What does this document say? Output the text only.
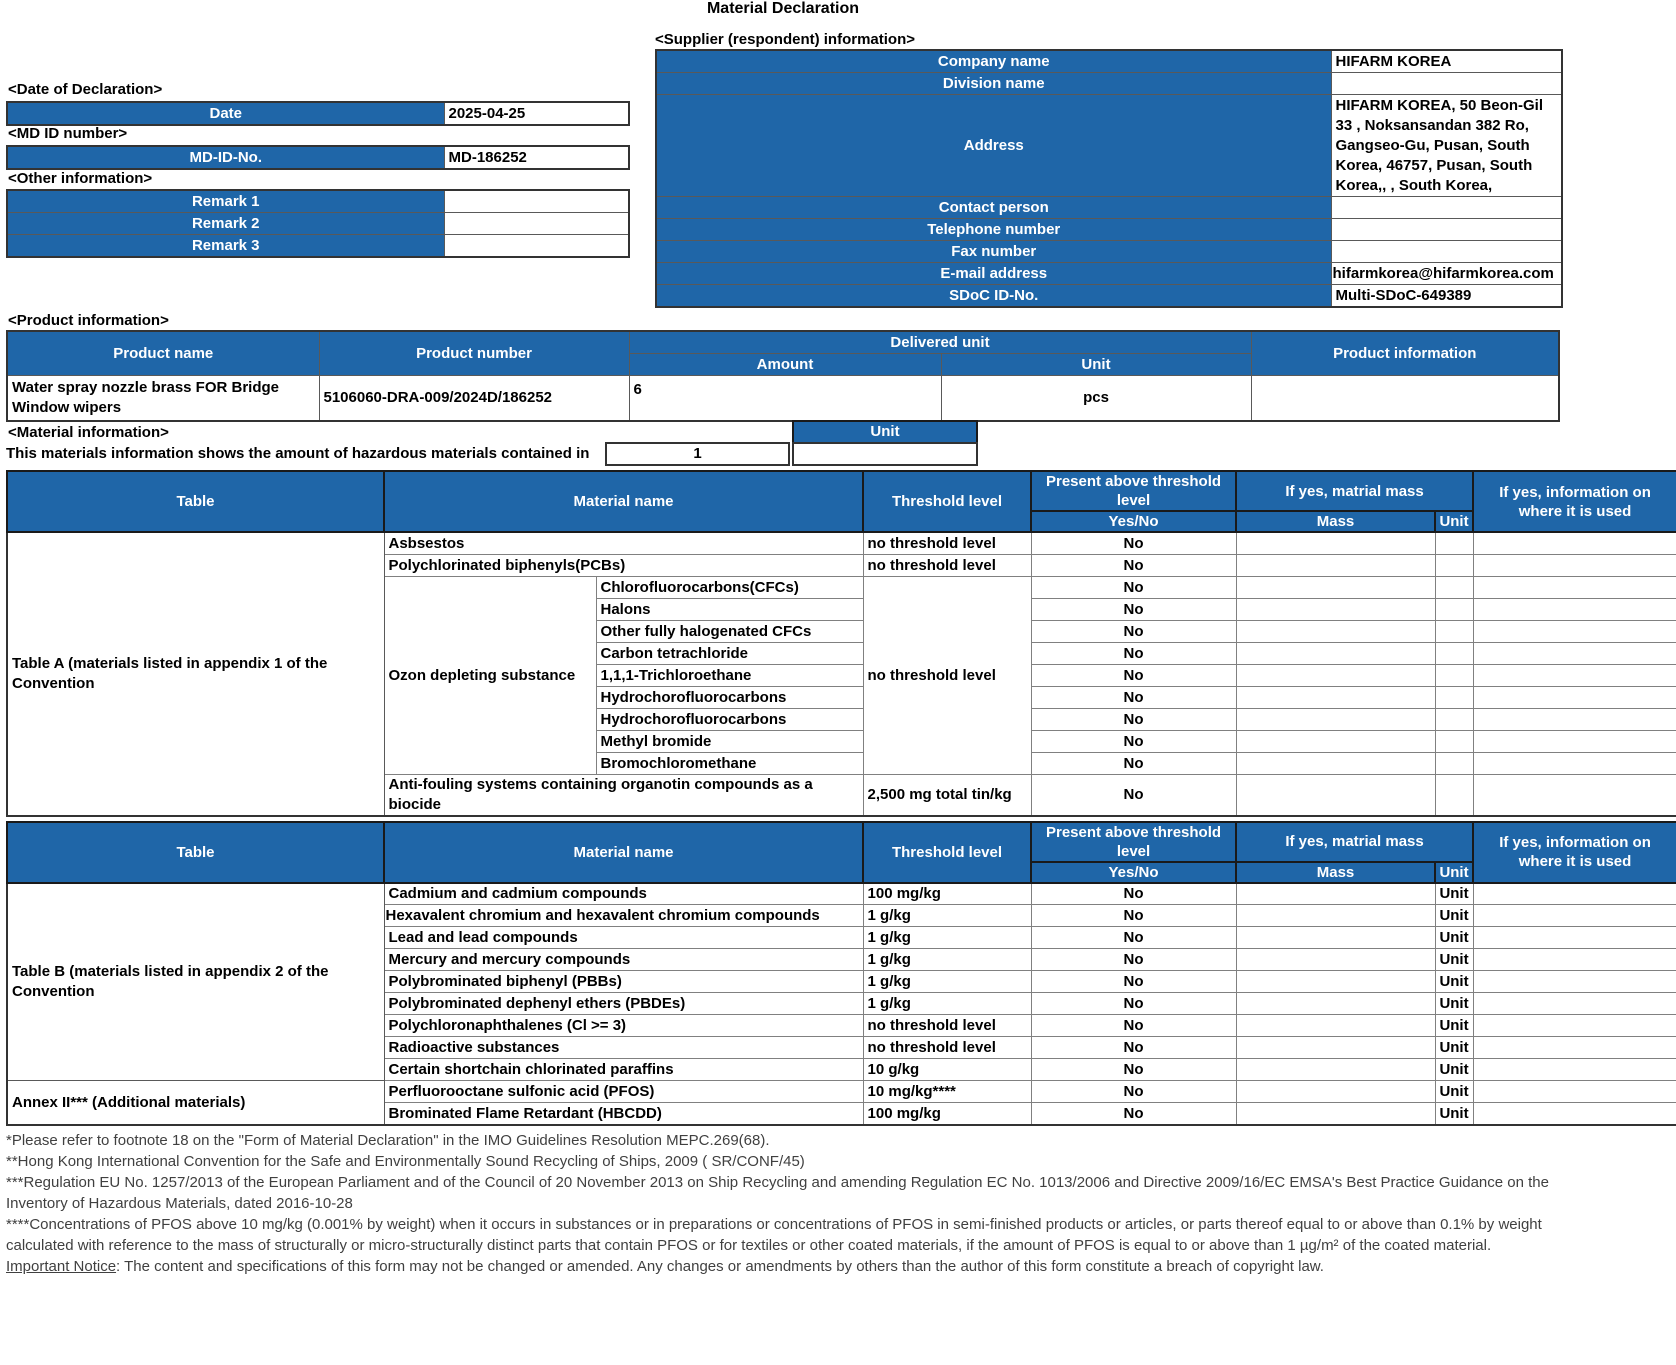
Material Declaration
<Supplier (respondent) information>
Company name	HIFARM KOREA
Division name	
Address	HIFARM KOREA, 50 Beon-Gil 33 , Noksansandan 382 Ro, Gangseo-Gu, Pusan, South Korea, 46757, Pusan, South Korea,, , South Korea,
Contact person	
Telephone number	
Fax number	
E-mail address	hifarmkorea@hifarmkorea.com
SDoC ID-No.	Multi-SDoC-649389
<Date of Declaration>
Date	2025-04-25
<MD ID number>
MD-ID-No.	MD-186252
<Other information>
Remark 1	
Remark 2	
Remark 3	
<Product information>
Product name	Product number	Delivered unit		Product information
		Amount	Unit	
Water spray nozzle brass FOR Bridge Window wipers	5106060-DRA-009/2024D/186252	6	pcs	
<Material information>	Unit
This materials information shows the amount of hazardous materials contained in	1
Table	Material name		Threshold level	Present above threshold level	If yes, matrial mass		If yes, information on where it is used
				Yes/No	Mass	Unit	
Table A (materials listed in appendix 1 of the Convention	Asbsestos		no threshold level	No			
	Polychlorinated biphenyls(PCBs)		no threshold level	No			
	Ozon depleting substance	Chlorofluorocarbons(CFCs)	no threshold level	No			
		Halons		No			
		Other fully halogenated CFCs		No			
		Carbon tetrachloride		No			
		1,1,1-Trichloroethane		No			
		Hydrochorofluorocarbons		No			
		Hydrochorofluorocarbons		No			
		Methyl bromide		No			
		Bromochloromethane		No			
	Anti-fouling systems containing organotin compounds as a biocide		2,500 mg total tin/kg	No			
Table	Material name	Threshold level	Present above threshold level	If yes, matrial mass		If yes, information on where it is used
			Yes/No	Mass	Unit	
Table B (materials listed in appendix 2 of the Convention	Cadmium and cadmium compounds	100 mg/kg	No		Unit	
	Hexavalent chromium and hexavalent chromium compounds	1 g/kg	No		Unit	
	Lead and lead compounds	1 g/kg	No		Unit	
	Mercury and mercury compounds	1 g/kg	No		Unit	
	Polybrominated biphenyl (PBBs)	1 g/kg	No		Unit	
	Polybrominated dephenyl ethers (PBDEs)	1 g/kg	No		Unit	
	Polychloronaphthalenes (Cl >= 3)	no threshold level	No		Unit	
	Radioactive substances	no threshold level	No		Unit	
	Certain shortchain chlorinated paraffins	10 g/kg	No		Unit	
Annex II*** (Additional materials)	Perfluorooctane sulfonic acid (PFOS)	10 mg/kg****	No		Unit	
	Brominated Flame Retardant (HBCDD)	100 mg/kg	No		Unit	

*Please refer to footnote 18 on the "Form of Material Declaration" in the IMO Guidelines Resolution MEPC.269(68).

**Hong Kong International Convention for the Safe and Environmentally Sound Recycling of Ships, 2009 ( SR/CONF/45)

***Regulation EU No. 1257/2013 of the European Parliament and of the Council of 20 November 2013 on Ship Recycling and amending Regulation EC No. 1013/2006 and Directive 2009/16/EC EMSA's Best Practice Guidance on the Inventory of Hazardous Materials, dated 2016-10-28

****Concentrations of PFOS above 10 mg/kg (0.001% by weight) when it occurs in substances or in preparations or concentrations of PFOS in semi-finished products or articles, or parts thereof equal to or above than 0.1% by weight calculated with reference to the mass of structurally or micro-structurally distinct parts that contain PFOS or for textiles or other coated materials, if the amount of PFOS is equal to or above than 1 µg/m² of the coated material.

Important Notice: The content and specifications of this form may not be changed or amended. Any changes or amendments by others than the author of this form constitute a breach of copyright law.
